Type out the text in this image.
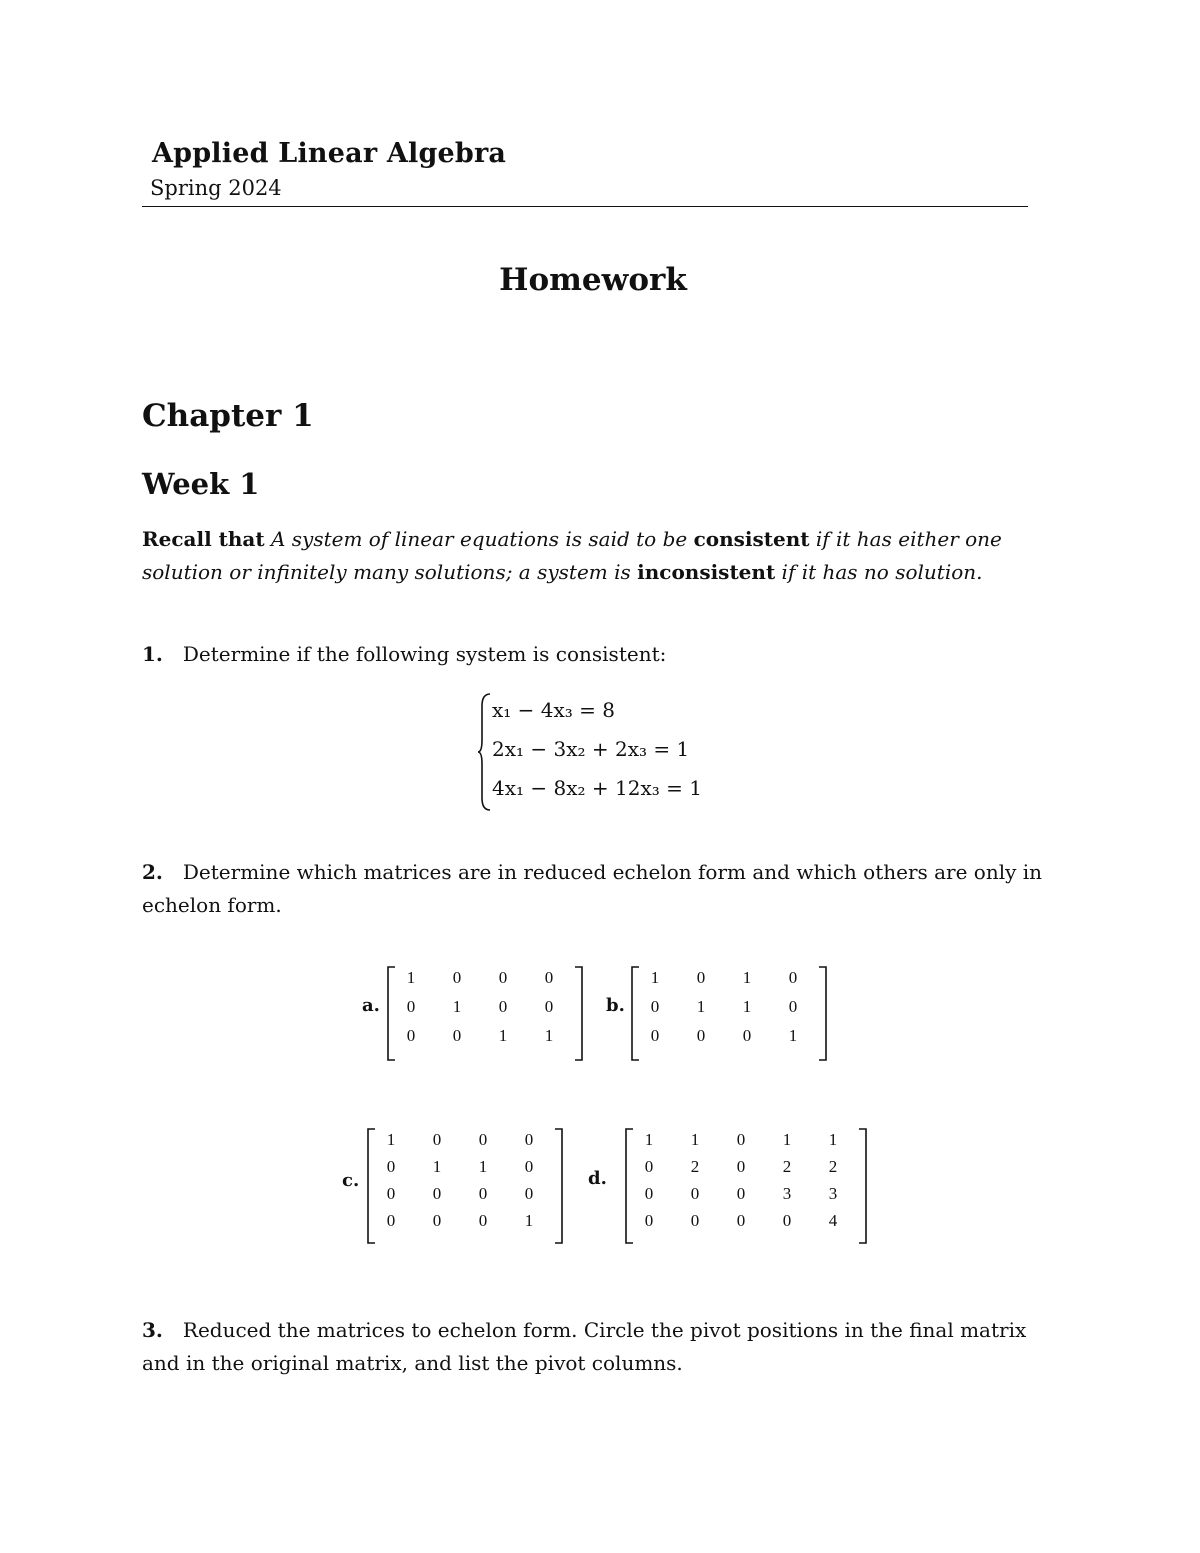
Applied Linear Algebra
Spring 2024
Homework
Chapter 1
Week 1
Recall that A system of linear equations is said to be consistent if it has either one solution or infinitely many solutions; a system is inconsistent if it has no solution.
1. Determine if the following system is consistent:
x₁ − 4x₃ = 8
2x₁ − 3x₂ + 2x₃ = 1
4x₁ − 8x₂ + 12x₃ = 1
2. Determine which matrices are in reduced echelon form and which others are only in echelon form.
a.
1	0	0	0
0	1	0	0
0	0	1	1
b.
1	0	1	0
0	1	1	0
0	0	0	1
c.
1	0	0	0
0	1	1	0
0	0	0	0
0	0	0	1
d.
1	1	0	1	1
0	2	0	2	2
0	0	0	3	3
0	0	0	0	4
3. Reduced the matrices to echelon form. Circle the pivot positions in the final matrix and in the original matrix, and list the pivot columns.
